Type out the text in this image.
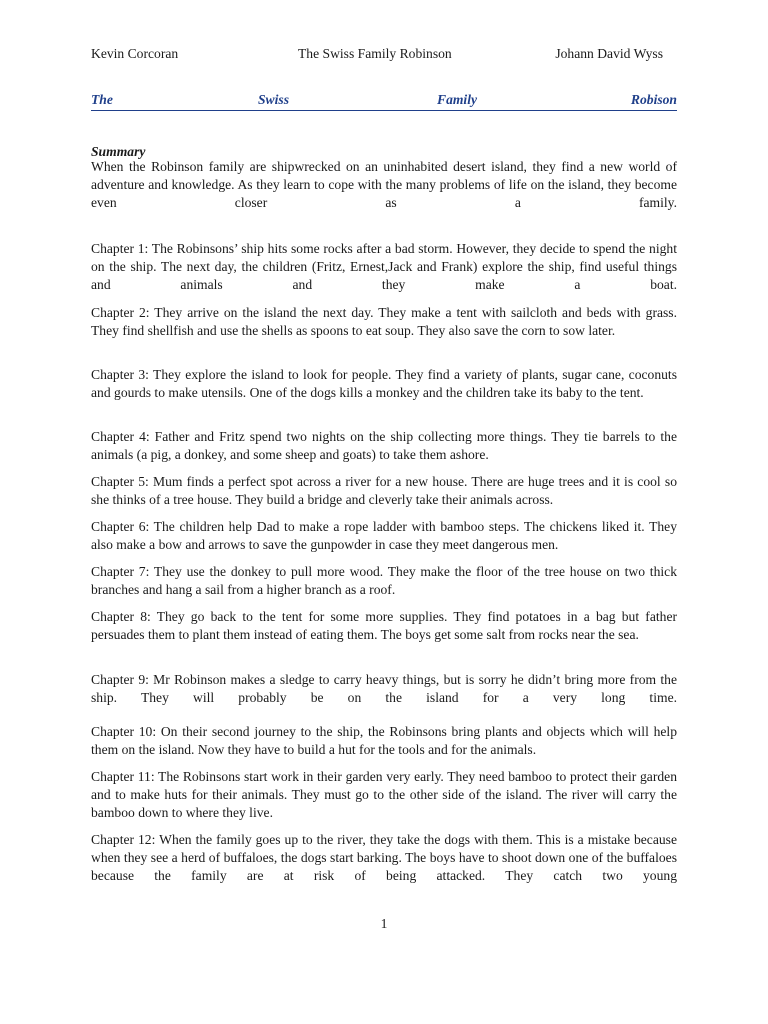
Kevin Corcoran	The Swiss Family Robinson	Johann David Wyss
The	Swiss	Family	Robison
Summary

When the Robinson family are shipwrecked on an uninhabited desert island, they find a new world of adventure and knowledge. As they learn to cope with the many problems of life on the island, they become even closer as a family.

Chapter 1: The Robinsons’ ship hits some rocks after a bad storm. However, they decide to spend the night on the ship. The next day, the children (Fritz, Ernest,Jack and Frank) explore the ship, find useful things and animals and they make a boat.

Chapter 2: They arrive on the island the next day. They make a tent with sailcloth and beds with grass. They find shellfish and use the shells as spoons to eat soup. They also save the corn to sow later.

Chapter 3: They explore the island to look for people. They find a variety of plants, sugar cane, coconuts and gourds to make utensils. One of the dogs kills a monkey and the children take its baby to the tent.

Chapter 4: Father and Fritz spend two nights on the ship collecting more things. They tie barrels to the animals (a pig, a donkey, and some sheep and goats) to take them ashore.

Chapter 5: Mum finds a perfect spot across a river for a new house. There are huge trees and it is cool so she thinks of a tree house. They build a bridge and cleverly take their animals across.

Chapter 6: The children help Dad to make a rope ladder with bamboo steps. The chickens liked it. They also make a bow and arrows to save the gunpowder in case they meet dangerous men.

Chapter 7: They use the donkey to pull more wood. They make the floor of the tree house on two thick branches and hang a sail from a higher branch as a roof.

Chapter 8: They go back to the tent for some more supplies. They find potatoes in a bag but father persuades them to plant them instead of eating them. The boys get some salt from rocks near the sea.

Chapter 9: Mr Robinson makes a sledge to carry heavy things, but is sorry he didn’t bring more from the ship. They will probably be on the island for a very long time.

Chapter 10: On their second journey to the ship, the Robinsons bring plants and objects which will help them on the island. Now they have to build a hut for the tools and for the animals.

Chapter 11: The Robinsons start work in their garden very early. They need bamboo to protect their garden and to make huts for their animals. They must go to the other side of the island. The river will carry the bamboo down to where they live.

Chapter 12: When the family goes up to the river, they take the dogs with them. This is a mistake because when they see a herd of buffaloes, the dogs start barking. The boys have to shoot down one of the buffaloes because the family are at risk of being attacked. They catch two young

1
